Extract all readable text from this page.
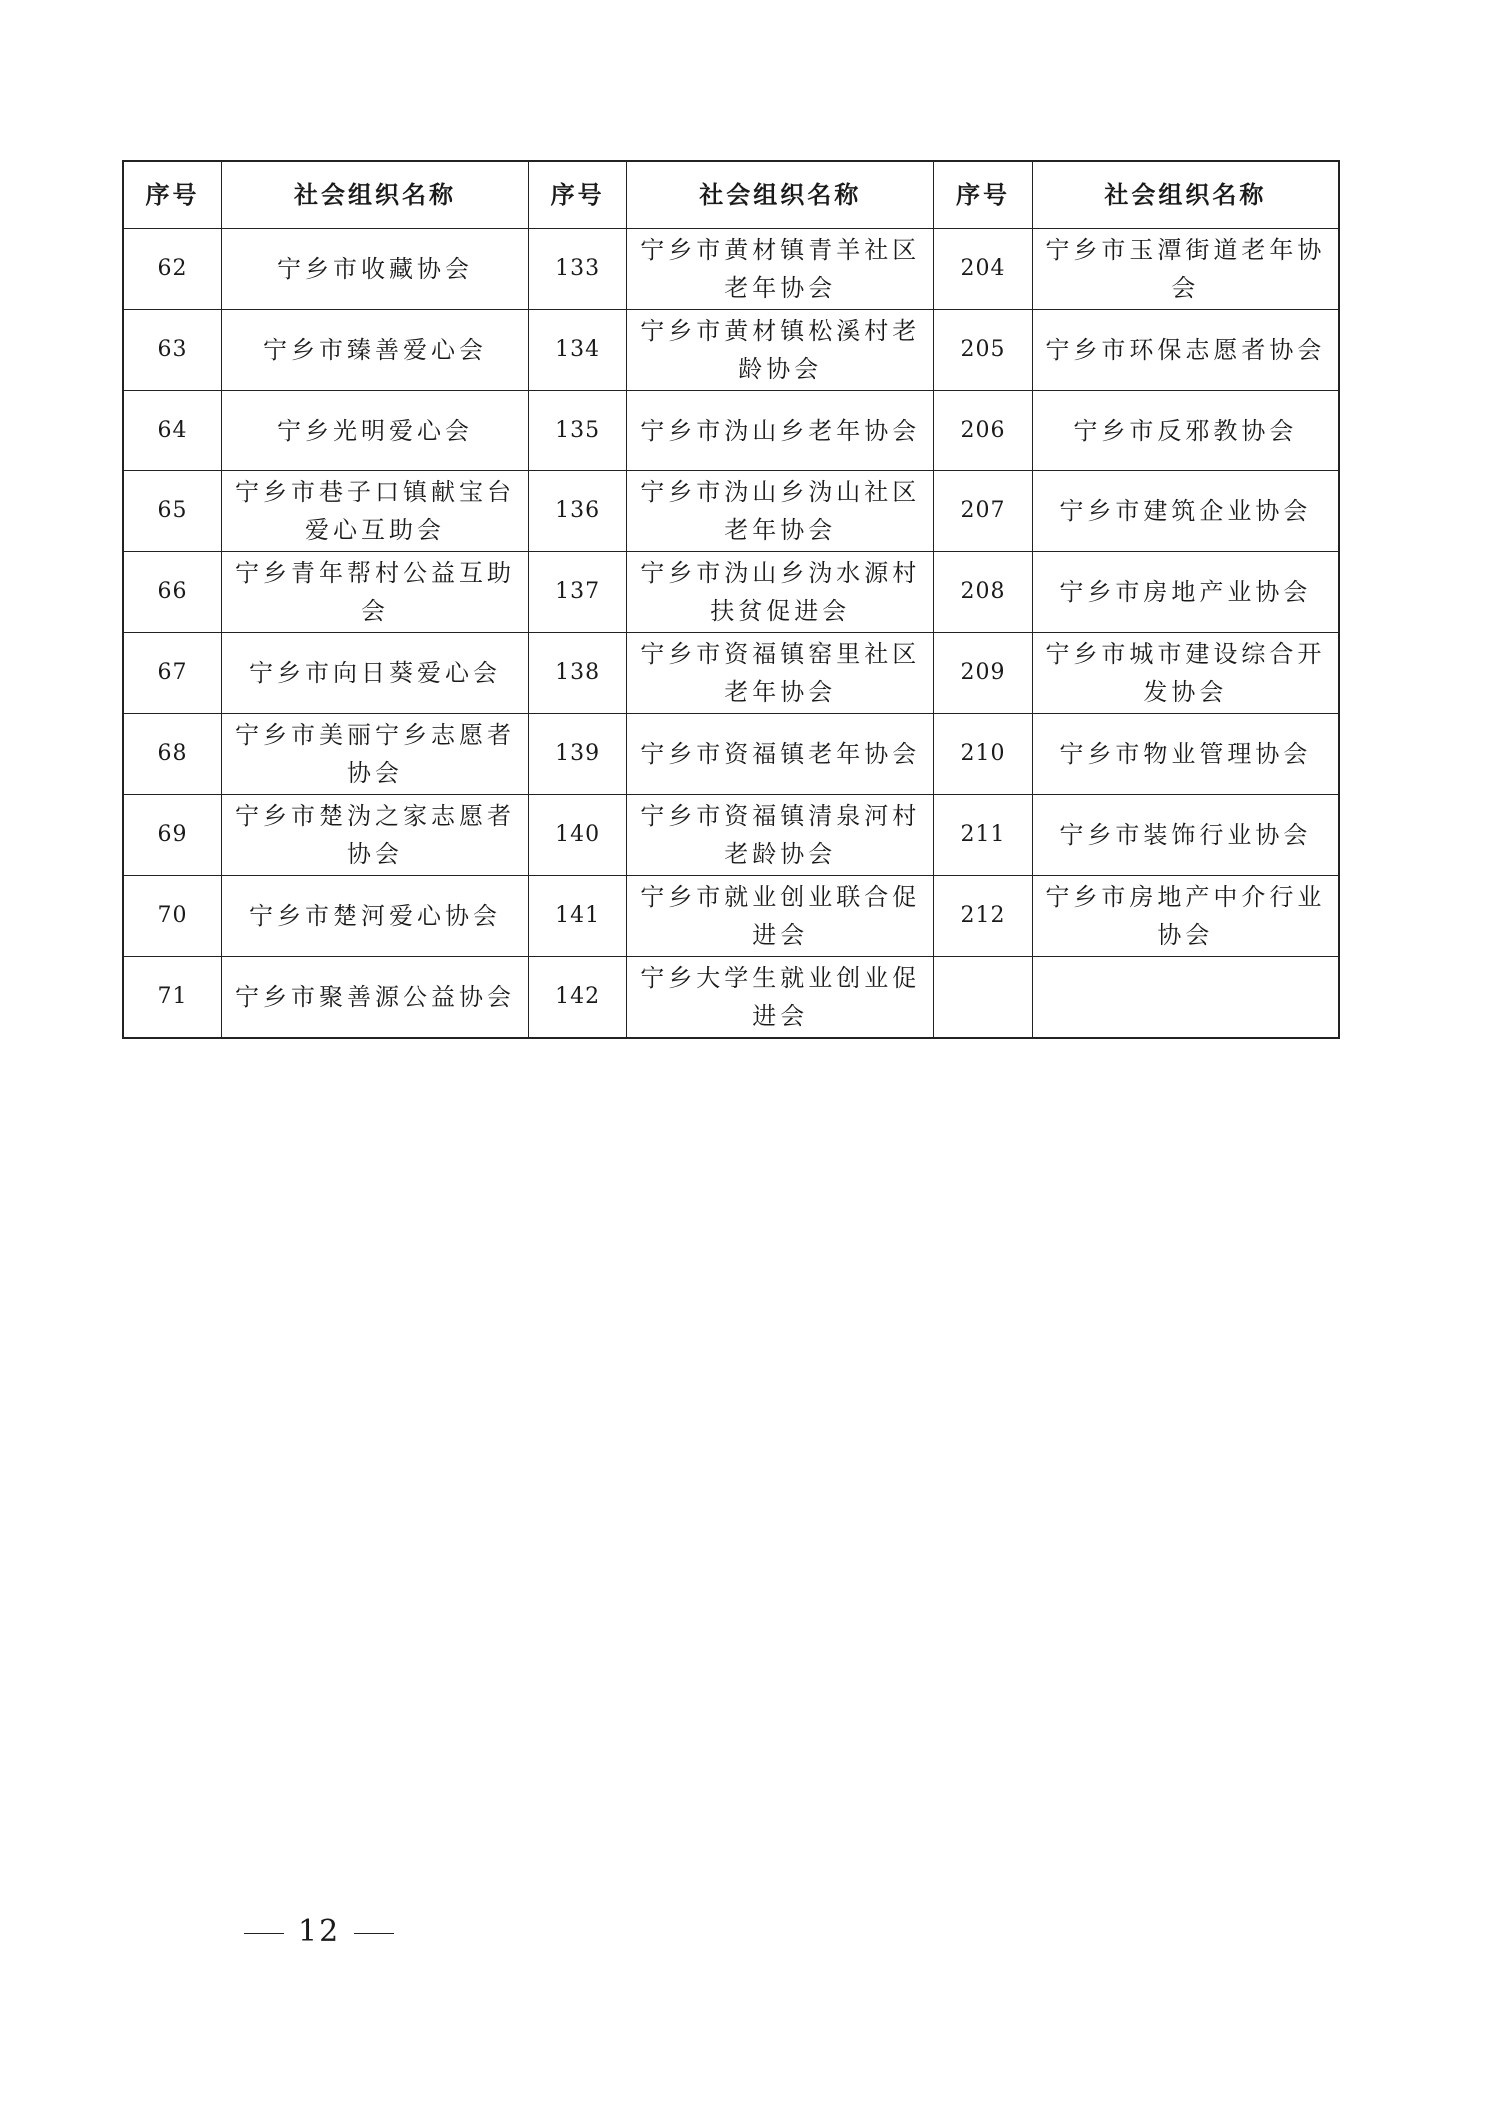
序号	社会组织名称	序号	社会组织名称	序号	社会组织名称
62	宁乡市收藏协会	133	宁乡市黄材镇青羊社区老年协会	204	宁乡市玉潭街道老年协会
63	宁乡市臻善爱心会	134	宁乡市黄材镇松溪村老龄协会	205	宁乡市环保志愿者协会
64	宁乡光明爱心会	135	宁乡市沩山乡老年协会	206	宁乡市反邪教协会
65	宁乡市巷子口镇献宝台爱心互助会	136	宁乡市沩山乡沩山社区老年协会	207	宁乡市建筑企业协会
66	宁乡青年帮村公益互助会	137	宁乡市沩山乡沩水源村扶贫促进会	208	宁乡市房地产业协会
67	宁乡市向日葵爱心会	138	宁乡市资福镇窑里社区老年协会	209	宁乡市城市建设综合开发协会
68	宁乡市美丽宁乡志愿者协会	139	宁乡市资福镇老年协会	210	宁乡市物业管理协会
69	宁乡市楚沩之家志愿者协会	140	宁乡市资福镇清泉河村老龄协会	211	宁乡市装饰行业协会
70	宁乡市楚河爱心协会	141	宁乡市就业创业联合促进会	212	宁乡市房地产中介行业协会
71	宁乡市聚善源公益协会	142	宁乡大学生就业创业促进会		
12
